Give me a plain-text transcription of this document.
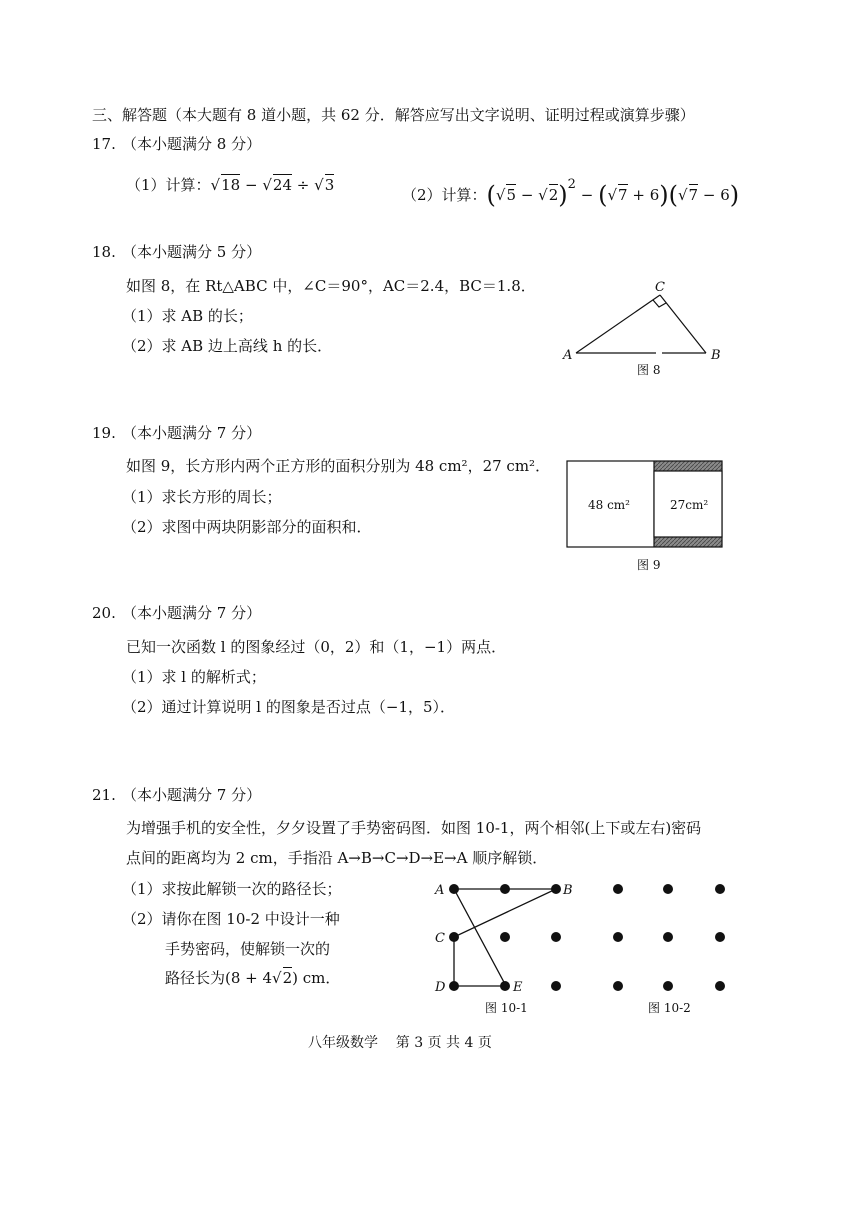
三、解答题（本大题有 8 道小题，共 62 分．解答应写出文字说明、证明过程或演算步骤）
17. （本小题满分 8 分）
（1）计算：√18 − √24 ÷ √3
（2）计算：$(√5 - √2)^2 - (√7 + 6)(√7 - 6)$
18. （本小题满分 5 分）
如图 8，在 Rt△ABC 中，∠C＝90°，AC＝2.4，BC＝1.8．
（1）求 AB 的长；
（2）求 AB 边上高线 h 的长．
A	B
C
图 8
19. （本小题满分 7 分）
如图 9，长方形内两个正方形的面积分别为 48 cm²，27 cm²．
（1）求长方形的周长；
（2）求图中两块阴影部分的面积和．
48 cm²	27cm²
图 9
20. （本小题满分 7 分）
已知一次函数 l 的图象经过（0，2）和（1，−1）两点．
（1）求 l 的解析式；
（2）通过计算说明 l 的图象是否过点（−1，5）．
21. （本小题满分 7 分）
为增强手机的安全性，夕夕设置了手势密码图．如图 10-1，两个相邻(上下或左右)密码
点间的距离均为 2 cm，手指沿 A→B→C→D→E→A 顺序解锁．
（1）求按此解锁一次的路径长；
（2）请你在图 10-2 中设计一种
手势密码，使解锁一次的
路径长为(8 + 4√2) cm．
A	B
C
D	E
图 10-1	图 10-2
八年级数学    第 3 页 共 4 页
